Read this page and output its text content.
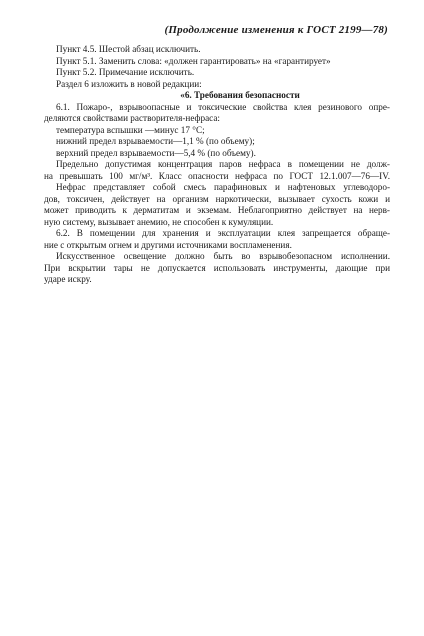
(Продолжение изменения к ГОСТ 2199—78)
Пункт 4.5. Шестой абзац исключить.
Пункт 5.1. Заменить слова: «должен гарантировать» на «гарантирует»
Пункт 5.2. Примечание исключить.
Раздел 6 изложить в новой редакции:
«6. Требования безопасности
6.1. Пожаро-, взрывоопасные и токсические свойства клея резинового опре-
деляются свойствами растворителя-нефраса:
температура вспышки —минус 17 °С;
нижний предел взрываемости—1,1 % (по объему);
верхний предел взрываемости—5,4 % (по объему).
Предельно допустимая концентрация паров нефраса в помещении не долж-
на превышать 100 мг/м³. Класс опасности нефраса по ГОСТ 12.1.007—76—IV.
Нефрас представляет собой смесь парафиновых и нафтеновых углеводоро-
дов, токсичен, действует на организм наркотически, вызывает сухость кожи и
может приводить к дерматитам и экземам. Неблагоприятно действует на нерв-
ную систему, вызывает анемию, не способен к кумуляции.
6.2. В помещении для хранения и эксплуатации клея запрещается обраще-
ние с открытым огнем и другими источниками воспламенения.
Искусственное освещение должно быть во взрывобезопасном исполнении.
При вскрытии тары не допускается использовать инструменты, дающие при
ударе искру.
